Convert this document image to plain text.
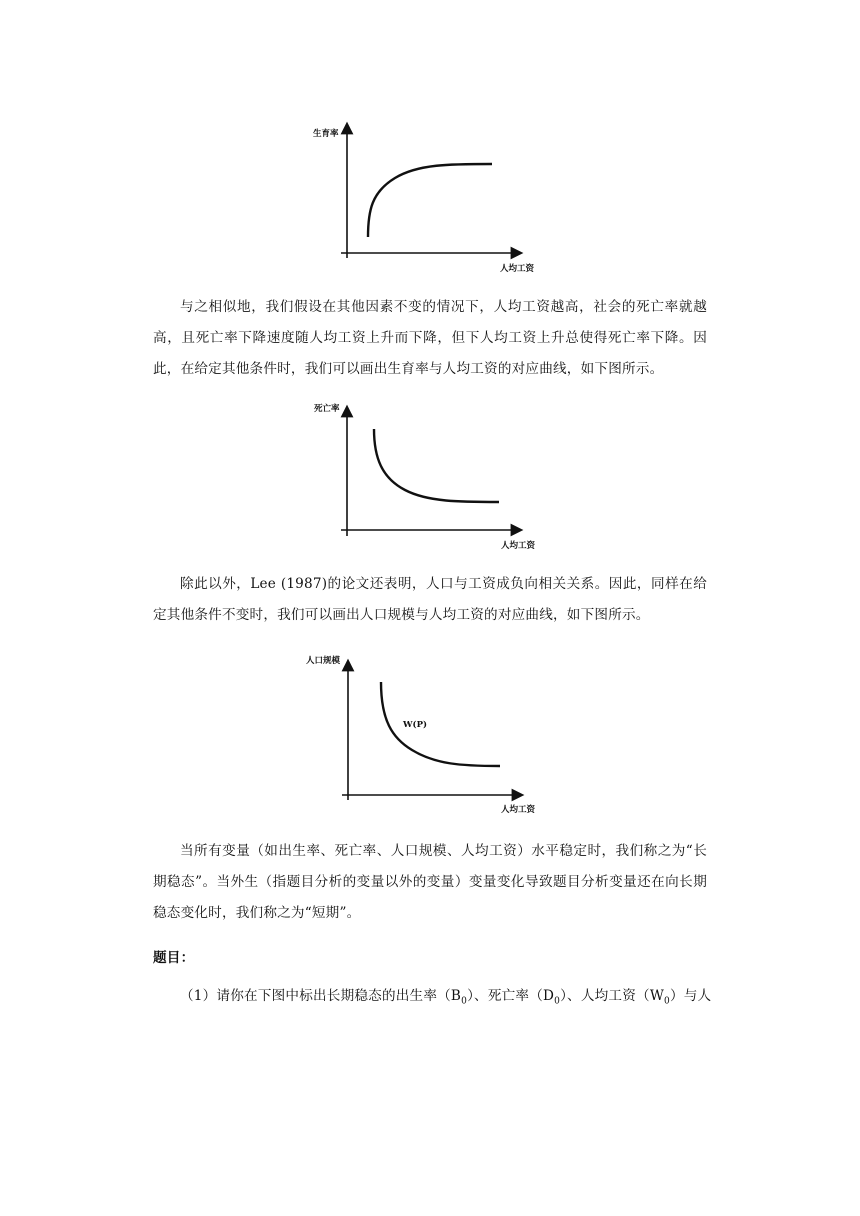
生育率
人均工资
与之相似地，我们假设在其他因素不变的情况下，人均工资越高，社会的死亡率就越高，且死亡率下降速度随人均工资上升而下降，但下人均工资上升总使得死亡率下降。因此，在给定其他条件时，我们可以画出生育率与人均工资的对应曲线，如下图所示。
死亡率
人均工资
除此以外，Lee (1987)的论文还表明，人口与工资成负向相关关系。因此，同样在给定其他条件不变时，我们可以画出人口规模与人均工资的对应曲线，如下图所示。
W(P)
人口规模
人均工资
当所有变量（如出生率、死亡率、人口规模、人均工资）水平稳定时，我们称之为“长期稳态”。当外生（指题目分析的变量以外的变量）变量变化导致题目分析变量还在向长期稳态变化时，我们称之为“短期”。
题目：
（1）请你在下图中标出长期稳态的出生率$(B_0)$、死亡率$(D_0)$、人均工资$(W_0)$与人
